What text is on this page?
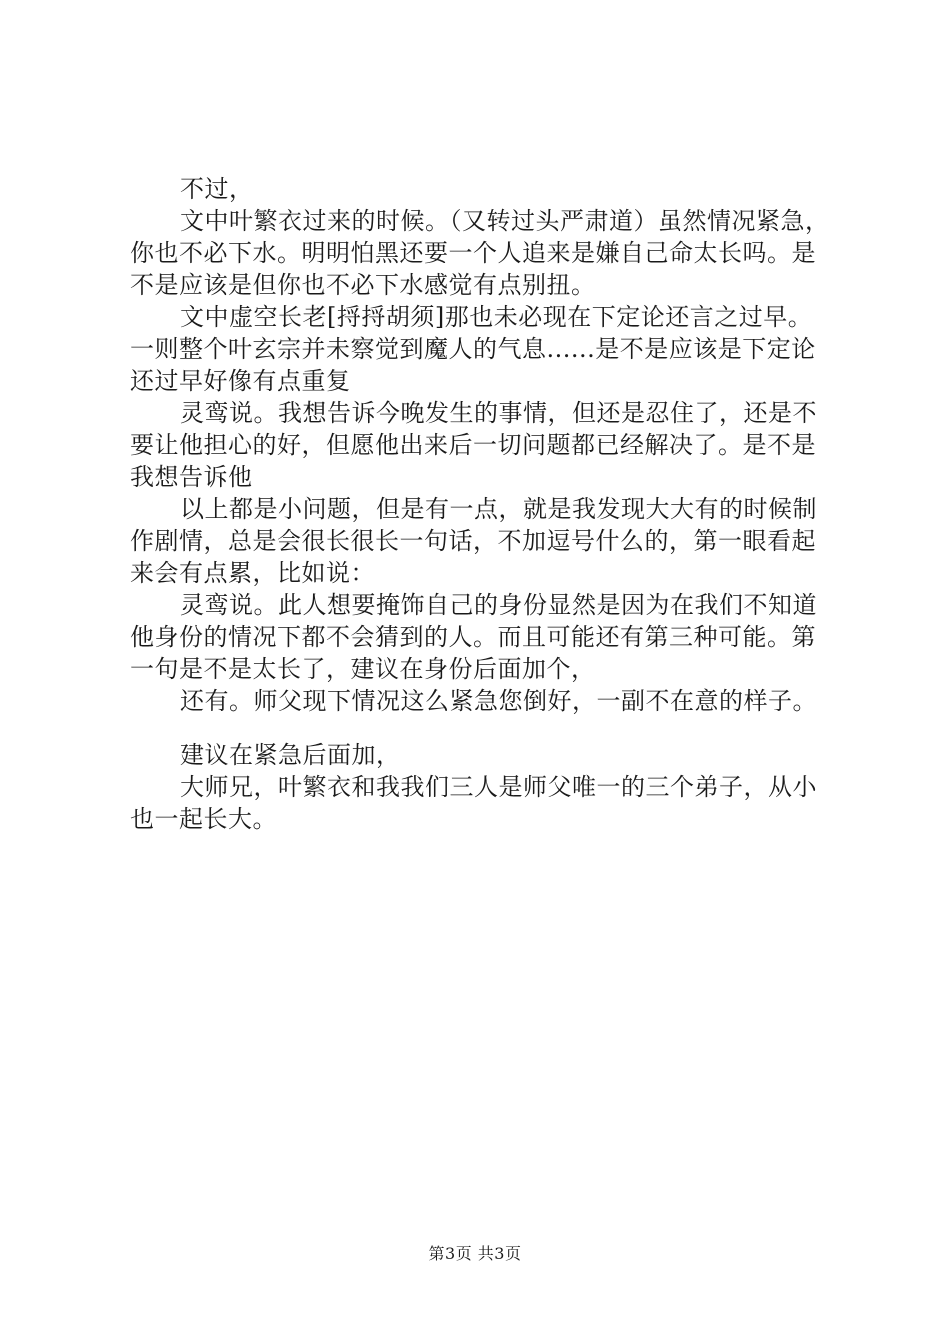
不过，

文中叶繁衣过来的时候。（又转过头严肃道）虽然情况紧急，你也不必下水。明明怕黑还要一个人追来是嫌自己命太长吗。是不是应该是但你也不必下水感觉有点别扭。

文中虚空长老[捋捋胡须]那也未必现在下定论还言之过早。一则整个叶玄宗并未察觉到魔人的气息......是不是应该是下定论还过早好像有点重复

灵鸾说。我想告诉今晚发生的事情，但还是忍住了，还是不要让他担心的好，但愿他出来后一切问题都已经解决了。是不是我想告诉他

以上都是小问题，但是有一点，就是我发现大大有的时候制作剧情，总是会很长很长一句话，不加逗号什么的，第一眼看起来会有点累，比如说：

灵鸾说。此人想要掩饰自己的身份显然是因为在我们不知道他身份的情况下都不会猜到的人。而且可能还有第三种可能。第一句是不是太长了，建议在身份后面加个，

还有。师父现下情况这么紧急您倒好，一副不在意的样子。

建议在紧急后面加，

大师兄，叶繁衣和我我们三人是师父唯一的三个弟子，从小也一起长大。

第3页 共3页
